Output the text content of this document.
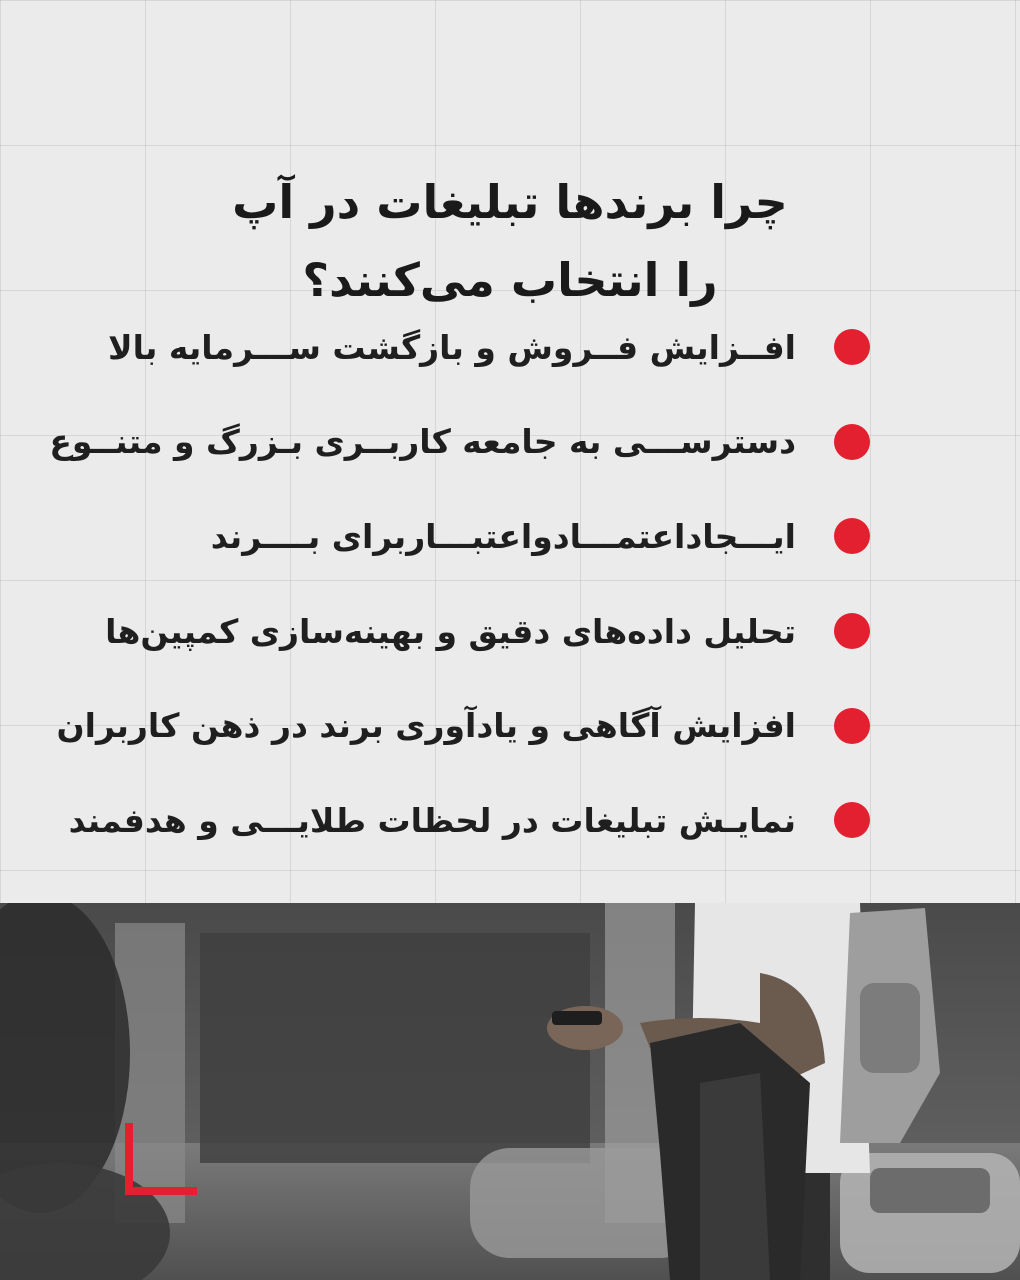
چرا برندها تبلیغات در آپ
را انتخاب می‌کنند؟
افــزایش فــروش و بازگشت ســـرمایه بالا
دسترســـی به جامعه کاربــری بـزرگ و متنــوع
ایـــجاداعتمـــادواعتبـــاربرای بــــرند
تحلیل داده‌های دقیق و بهینه‌سازی کمپین‌ها
افزایش آگاهی و یادآوری برند در ذهن کاربران
نمایـش تبلیغات در لحظات طلایـــی و هدفمند
